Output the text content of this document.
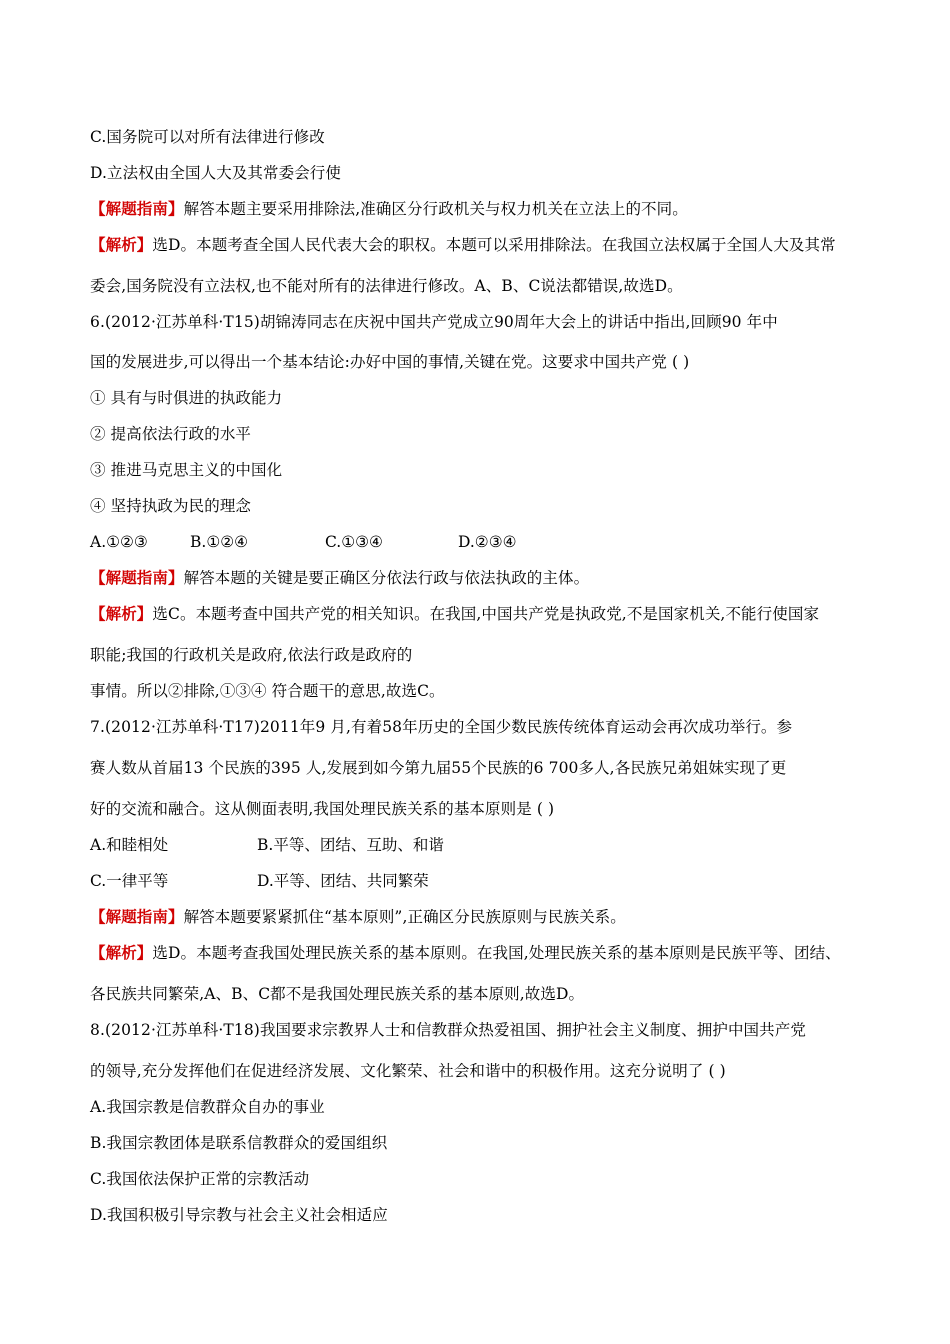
C.国务院可以对所有法律进行修改
D.立法权由全国人大及其常委会行使
【解题指南】解答本题主要采用排除法,准确区分行政机关与权力机关在立法上的不同。
【解析】选D。本题考查全国人民代表大会的职权。本题可以采用排除法。在我国立法权属于全国人大及其常
委会,国务院没有立法权,也不能对所有的法律进行修改。A、B、C说法都错误,故选D。
6.(2012·江苏单科·T15)胡锦涛同志在庆祝中国共产党成立90周年大会上的讲话中指出,回顾90 年中
国的发展进步,可以得出一个基本结论:办好中国的事情,关键在党。这要求中国共产党 ( )
① 具有与时俱进的执政能力
② 提高依法行政的水平
③ 推进马克思主义的中国化
④ 坚持执政为民的理念
A.①②③	B.①②④	C.①③④	D.②③④
【解题指南】解答本题的关键是要正确区分依法行政与依法执政的主体。
【解析】选C。本题考查中国共产党的相关知识。在我国,中国共产党是执政党,不是国家机关,不能行使国家
职能;我国的行政机关是政府,依法行政是政府的
事情。所以②排除,①③④ 符合题干的意思,故选C。
7.(2012·江苏单科·T17)2011年9 月,有着58年历史的全国少数民族传统体育运动会再次成功举行。参
赛人数从首届13 个民族的395 人,发展到如今第九届55个民族的6 700多人,各民族兄弟姐妹实现了更
好的交流和融合。这从侧面表明,我国处理民族关系的基本原则是 ( )
A.和睦相处	B.平等、团结、互助、和谐
C.一律平等	D.平等、团结、共同繁荣
【解题指南】解答本题要紧紧抓住“基本原则”,正确区分民族原则与民族关系。
【解析】选D。本题考查我国处理民族关系的基本原则。在我国,处理民族关系的基本原则是民族平等、团结、
各民族共同繁荣,A、B、C都不是我国处理民族关系的基本原则,故选D。
8.(2012·江苏单科·T18)我国要求宗教界人士和信教群众热爱祖国、拥护社会主义制度、拥护中国共产党
的领导,充分发挥他们在促进经济发展、文化繁荣、社会和谐中的积极作用。这充分说明了 ( )
A.我国宗教是信教群众自办的事业
B.我国宗教团体是联系信教群众的爱国组织
C.我国依法保护正常的宗教活动
D.我国积极引导宗教与社会主义社会相适应
